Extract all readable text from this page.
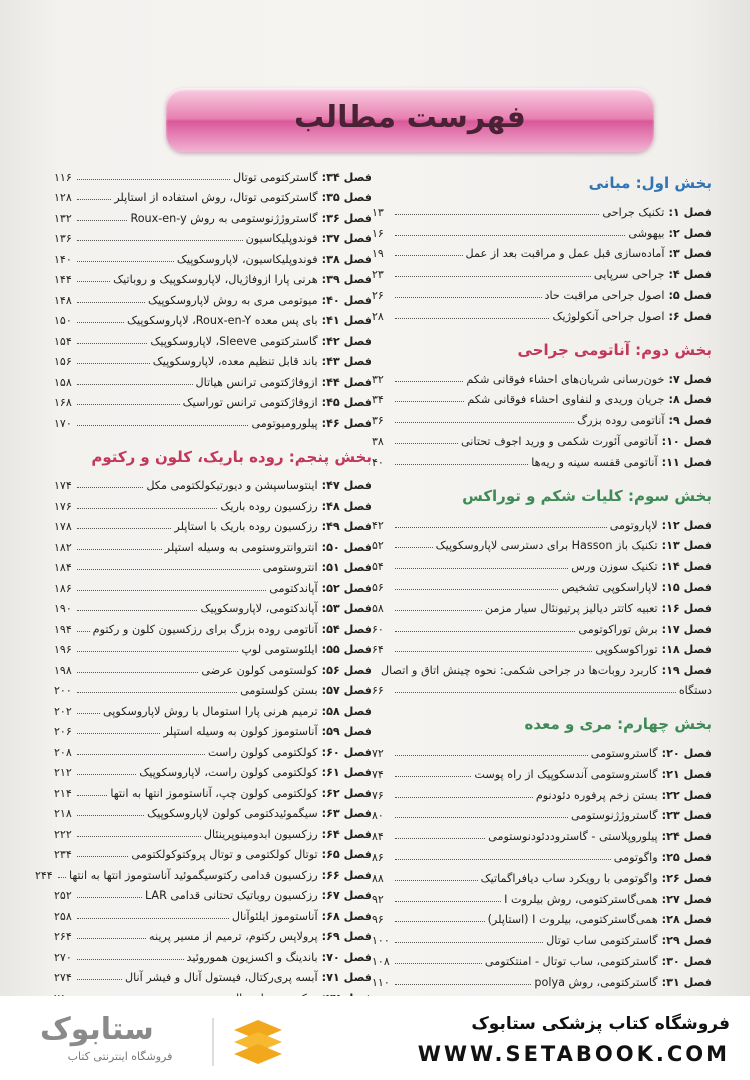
فهرست مطالب
بخش اول: مبانی
فصل ۱:
تکنیک جراحی
۱۳
فصل ۲:
بیهوشی
۱۶
فصل ۳:
آماده‌سازی قبل عمل و مراقبت بعد از عمل
۱۹
فصل ۴:
جراحی سرپایی
۲۳
فصل ۵:
اصول جراحی مراقبت حاد
۲۶
فصل ۶:
اصول جراحی آنکولوژیک
۲۸
بخش دوم: آناتومی جراحی
فصل ۷:
خون‌رسانی شریان‌های احشاء فوقانی شکم
۳۲
فصل ۸:
جریان وریدی و لنفاوی احشاء فوقانی شکم
۳۴
فصل ۹:
آناتومی روده بزرگ
۳۶
فصل ۱۰:
آناتومی آئورت شکمی و ورید اجوف تحتانی
۳۸
فصل ۱۱:
آناتومی قفسه سینه و ریه‌ها
۴۰
بخش سوم: کلیات شکم و توراکس
فصل ۱۲:
لاپاروتومی
۴۲
فصل ۱۳:
تکنیک باز Hasson برای دسترسی لاپاروسکوپیک
۵۲
فصل ۱۴:
تکنیک سوزن ورس
۵۴
فصل ۱۵:
لاپاراسکوپی تشخیص
۵۶
فصل ۱۶:
تعبیه کاتتر دیالیز پرتیونئال سیار مزمن
۵۸
فصل ۱۷:
برش توراکوتومی
۶۰
فصل ۱۸:
توراکوسکوپی
۶۴
فصل ۱۹:
کاربرد روبات‌ها در جراحی شکمی: نحوه چینش اتاق و اتصال
دستگاه
۶۶
بخش چهارم: مری و معده
فصل ۲۰:
گاستروستومی
۷۲
فصل ۲۱:
گاستروستومی آندسکوپیک از راه پوست
۷۴
فصل ۲۲:
بستن زخم پرفوره دئودنوم
۷۶
فصل ۲۳:
گاستروژژنوستومی
۸۰
فصل ۲۴:
پیلوروپلاستی - گاستروددئودنوستومی
۸۴
فصل ۲۵:
واگوتومی
۸۶
فصل ۲۶:
واگوتومی با رویکرد ساب دیافراگماتیک
۸۸
فصل ۲۷:
همی‌گاسترکتومی، روش بیلروت I
۹۲
فصل ۲۸:
همی‌گاسترکتومی، بیلروت I (استاپلر)
۹۶
فصل ۲۹:
گاسترکتومی ساب توتال
۱۰۰
فصل ۳۰:
گاسترکتومی، ساب توتال - امنتکتومی
۱۰۸
فصل ۳۱:
گاسترکتومی، روش polya
۱۱۰
فصل ۳۴:
گاسترکتومی توتال
۱۱۶
فصل ۳۵:
گاسترکتومی توتال، روش استفاده از استاپلر
۱۲۸
فصل ۳۶:
گاستروژژنوستومی به روش Roux-en-y
۱۳۲
فصل ۳۷:
فوندوپلیکاسیون
۱۳۶
فصل ۳۸:
فوندوپلیکاسیون، لاپاروسکوپیک
۱۴۰
فصل ۳۹:
هرنی پارا ازوفاژیال، لاپاروسکوپیک و روباتیک
۱۴۴
فصل ۴۰:
میوتومی مری به روش لاپاروسکوپیک
۱۴۸
فصل ۴۱:
بای پس معده Roux-en-Y، لاپاروسکوپیک
۱۵۰
فصل ۴۲:
گاسترکتومی Sleeve، لاپاروسکوپیک
۱۵۴
فصل ۴۳:
باند قابل تنظیم معده، لاپاروسکوپیک
۱۵۶
فصل ۴۴:
ازوفاژکتومی ترانس هیاتال
۱۵۸
فصل ۴۵:
ازوفاژکتومی ترانس توراسیک
۱۶۸
فصل ۴۶:
پیلورومیوتومی
۱۷۰
بخش پنجم: روده باریک، کلون و رکتوم
فصل ۴۷:
اینتوساسپشن و دیورتیکولکتومی مکل
۱۷۴
فصل ۴۸:
رزکسیون روده باریک
۱۷۶
فصل ۴۹:
رزکسیون روده باریک با استاپلر
۱۷۸
فصل ۵۰:
انتروانتروستومی به وسیله استپلر
۱۸۲
فصل ۵۱:
انتروستومی
۱۸۴
فصل ۵۲:
آپاندکتومی
۱۸۶
فصل ۵۳:
آپاندکتومی، لاپاروسکوپیک
۱۹۰
فصل ۵۴:
آناتومی روده بزرگ برای رزکسیون کلون و رکتوم
۱۹۴
فصل ۵۵:
ایلئوستومی لوپ
۱۹۶
فصل ۵۶:
کولستومی کولون عرضی
۱۹۸
فصل ۵۷:
بستن کولستومی
۲۰۰
فصل ۵۸:
ترمیم هرنی پارا استومال با روش لاپاروسکوپی
۲۰۲
فصل ۵۹:
آناستوموز کولون به وسیله استپلر
۲۰۶
فصل ۶۰:
کولکتومی کولون راست
۲۰۸
فصل ۶۱:
کولکتومی کولون راست، لاپاروسکوپیک
۲۱۲
فصل ۶۲:
کولکتومی کولون چپ، آناستوموز انتها به انتها
۲۱۴
فصل ۶۳:
سیگموئیدکتومی کولون لاپاروسکوپیک
۲۱۸
فصل ۶۴:
رزکسیون ابدومینوپرینئال
۲۲۲
فصل ۶۵:
توتال کولکتومی و توتال پروکتوکولکتومی
۲۳۴
فصل ۶۶:
رزکسیون قدامی رکتوسیگموئید آناستوموز انتها به انتها
۲۴۴
فصل ۶۷:
رزکسیون روباتیک تحتانی قدامی LAR
۲۵۲
فصل ۶۸:
آناستوموز ایلئوآنال
۲۵۸
فصل ۶۹:
پرولاپس رکتوم، ترمیم از مسیر پرینه
۲۶۴
فصل ۷۰:
باندینگ و اکسزیون هموروئید
۲۷۰
فصل ۷۱:
آبسه پری‌رکتال، فیستول آنال و فیشر آنال
۲۷۴
فروشگاه کتاب پزشکی ستابوک
WWW.SETABOOK.COM
ستابوک
فروشگاه اینترنتی کتاب
